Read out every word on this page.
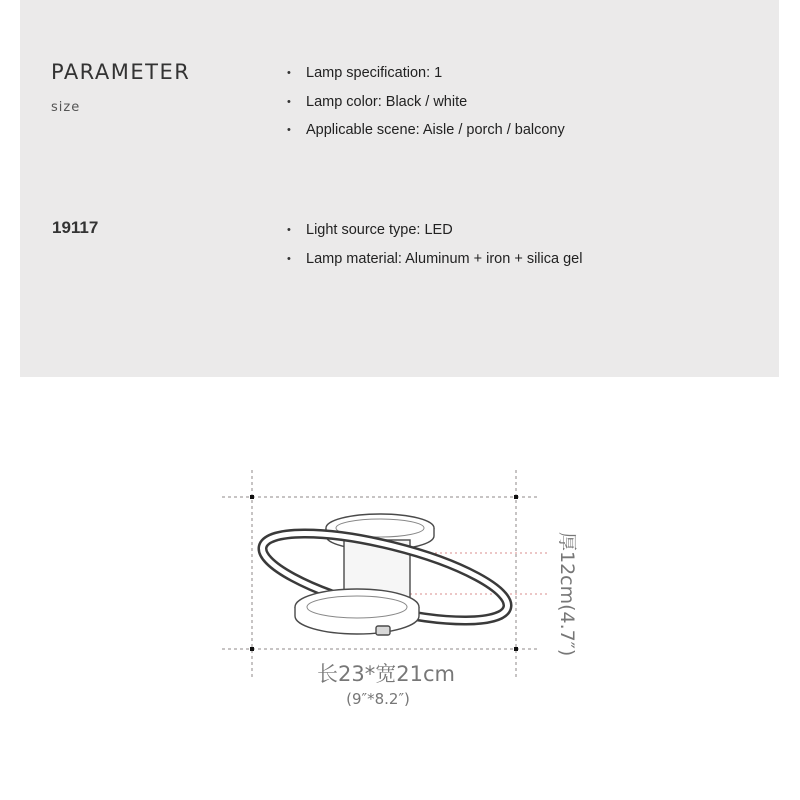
PARAMETER
size
19117
• Lamp specification: 1
• Lamp color: Black / white
• Applicable scene: Aisle / porch / balcony
• Light source type: LED
• Lamp material: Aluminum + iron + silica gel
长23*宽21cm
(9″*8.2″)
厚12cm(4.7″)
